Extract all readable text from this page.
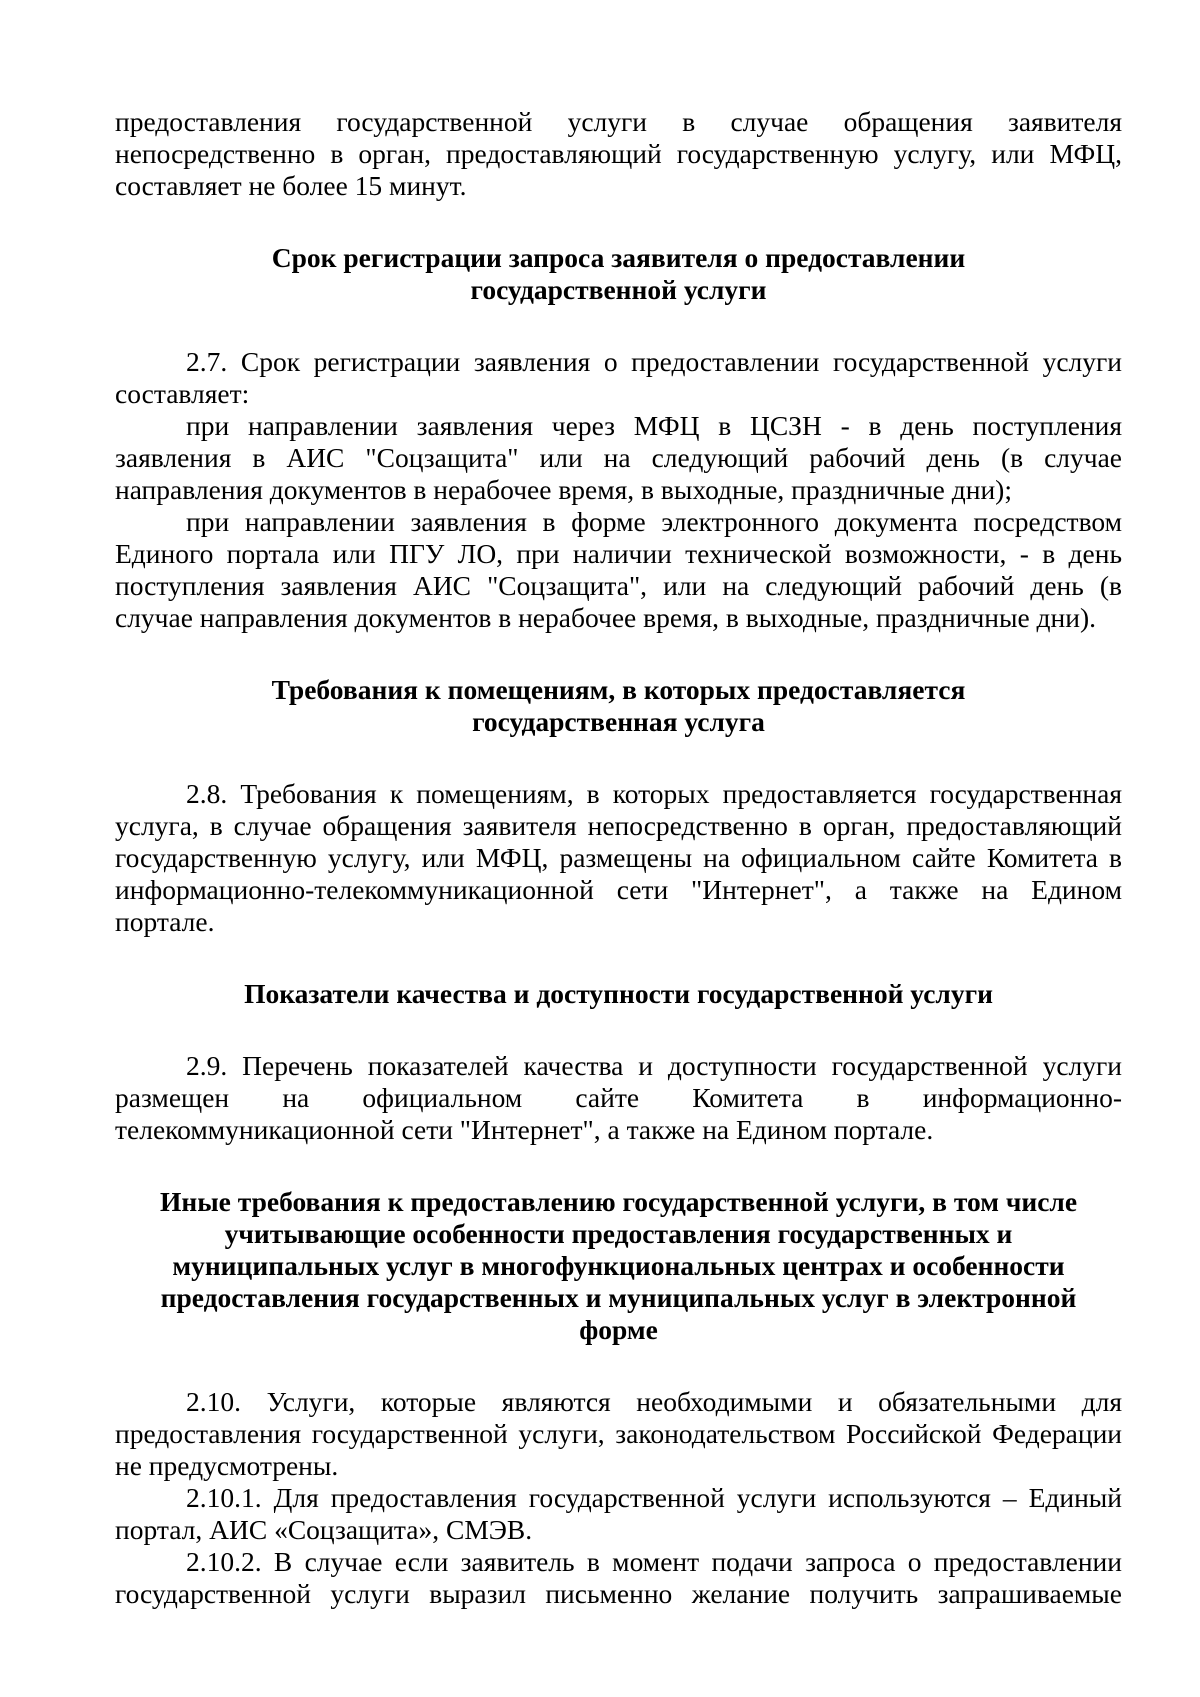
предоставления государственной услуги в случае обращения заявителя

непосредственно в орган, предоставляющий государственную услугу, или МФЦ,

составляет не более 15 минут.

Срок регистрации запроса заявителя о предоставлении
государственной услуги

2.7. Срок регистрации заявления о предоставлении государственной услуги составляет:

при направлении заявления через МФЦ в ЦСЗН - в день поступления заявления в АИС "Соцзащита" или на следующий рабочий день (в случае направления документов в нерабочее время, в выходные, праздничные дни);

при направлении заявления в форме электронного документа посредством Единого портала или ПГУ ЛО, при наличии технической возможности, - в день поступления заявления АИС "Соцзащита", или на следующий рабочий день (в случае направления документов в нерабочее время, в выходные, праздничные дни).

Требования к помещениям, в которых предоставляется
государственная услуга

2.8. Требования к помещениям, в которых предоставляется государственная услуга, в случае обращения заявителя непосредственно в орган, предоставляющий государственную услугу, или МФЦ, размещены на официальном сайте Комитета в информационно-телекоммуникационной сети "Интернет", а также на Едином портале.

Показатели качества и доступности государственной услуги

2.9. Перечень показателей качества и доступности государственной услуги размещен на официальном сайте Комитета в информационно-телекоммуникационной сети "Интернет", а также на Едином портале.

Иные требования к предоставлению государственной услуги, в том числе
учитывающие особенности предоставления государственных и
муниципальных услуг в многофункциональных центрах и особенности
предоставления государственных и муниципальных услуг в электронной
форме

2.10. Услуги, которые являются необходимыми и обязательными для предоставления государственной услуги, законодательством Российской Федерации не предусмотрены.

2.10.1. Для предоставления государственной услуги используются – Единый портал, АИС «Соцзащита», СМЭВ.

2.10.2. В случае если заявитель в момент подачи запроса о предоставлении государственной услуги выразил письменно желание получить запрашиваемые
